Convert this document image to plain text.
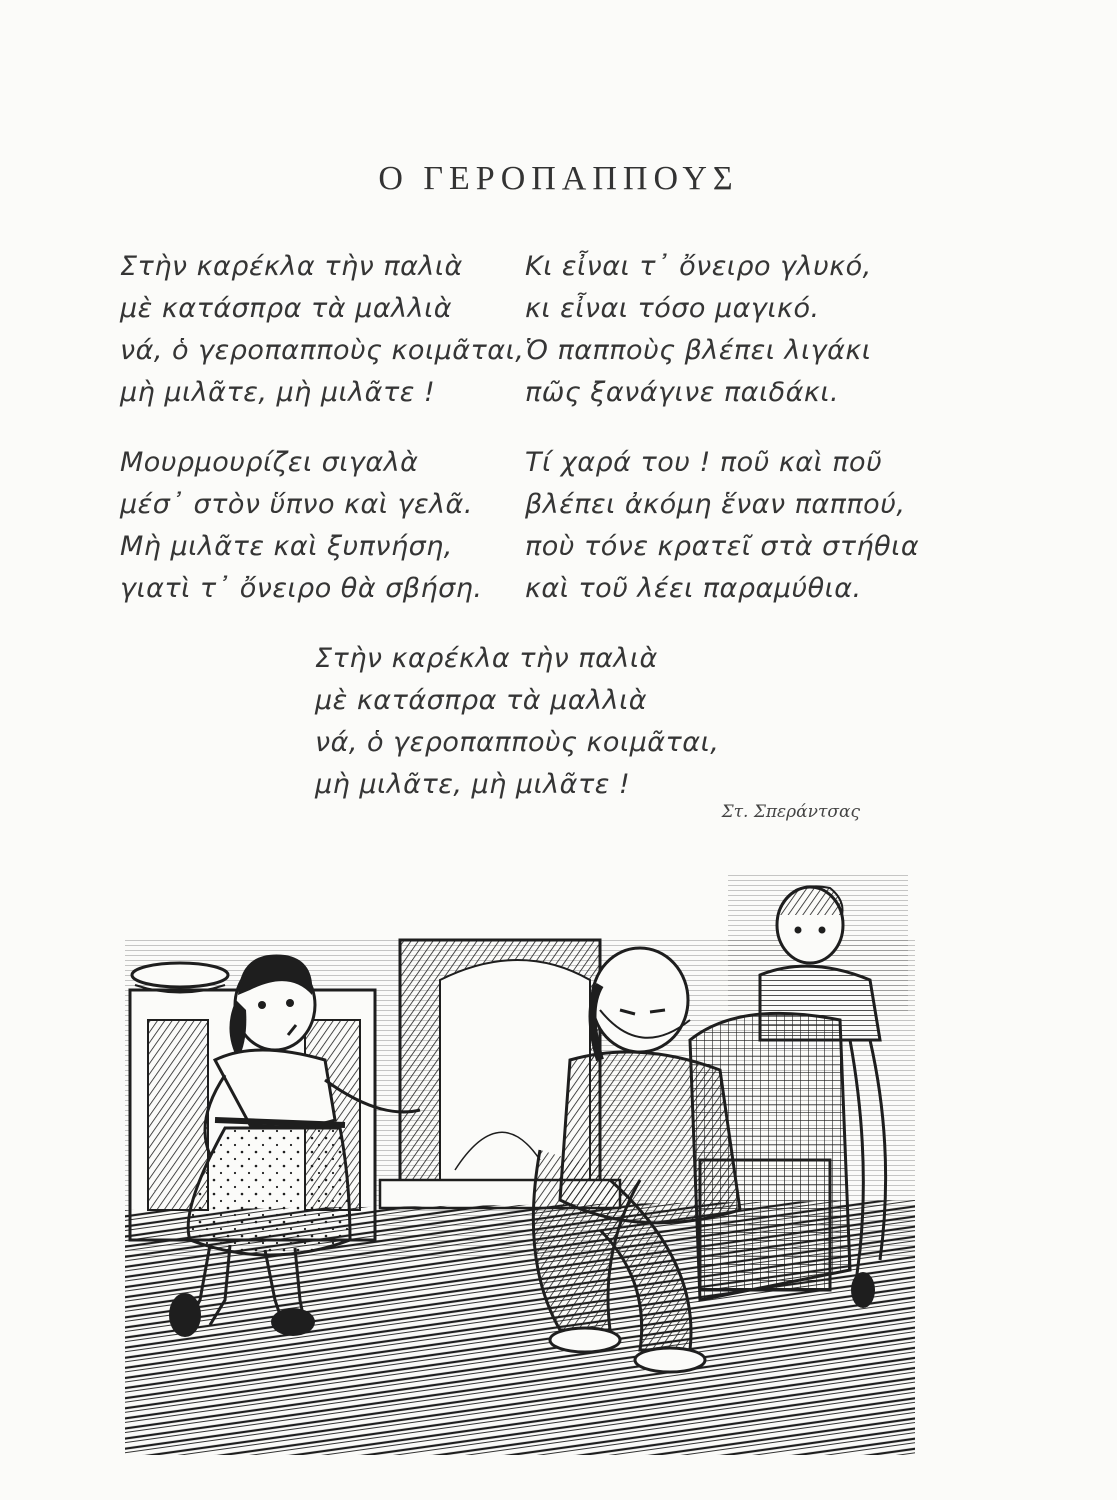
Ο ΓΕΡΟΠΑΠΠΟΥΣ
Στὴν καρέκλα τὴν παλιὰ
μὲ κατάσπρα τὰ μαλλιὰ
νά, ὁ γεροπαπποὺς κοιμᾶται,
μὴ μιλᾶτε, μὴ μιλᾶτε !
Μουρμουρίζει σιγαλὰ
μέσ᾽ στὸν ὕπνο καὶ γελᾶ.
Μὴ μιλᾶτε καὶ ξυπνήση,
γιατὶ τ᾽ ὄνειρο θὰ σβήση.
Κι εἶναι τ᾽ ὄνειρο γλυκό,
κι εἶναι τόσο μαγικό.
Ὁ παπποὺς βλέπει λιγάκι
πῶς ξανάγινε παιδάκι.
Τί χαρά του ! ποῦ καὶ ποῦ
βλέπει ἀκόμη ἕναν παππού,
ποὺ τόνε κρατεῖ στὰ στήθια
καὶ τοῦ λέει παραμύθια.
Στὴν καρέκλα τὴν παλιὰ
μὲ κατάσπρα τὰ μαλλιὰ
νά, ὁ γεροπαπποὺς κοιμᾶται,
μὴ μιλᾶτε, μὴ μιλᾶτε !
Στ. Σπεράντσας
